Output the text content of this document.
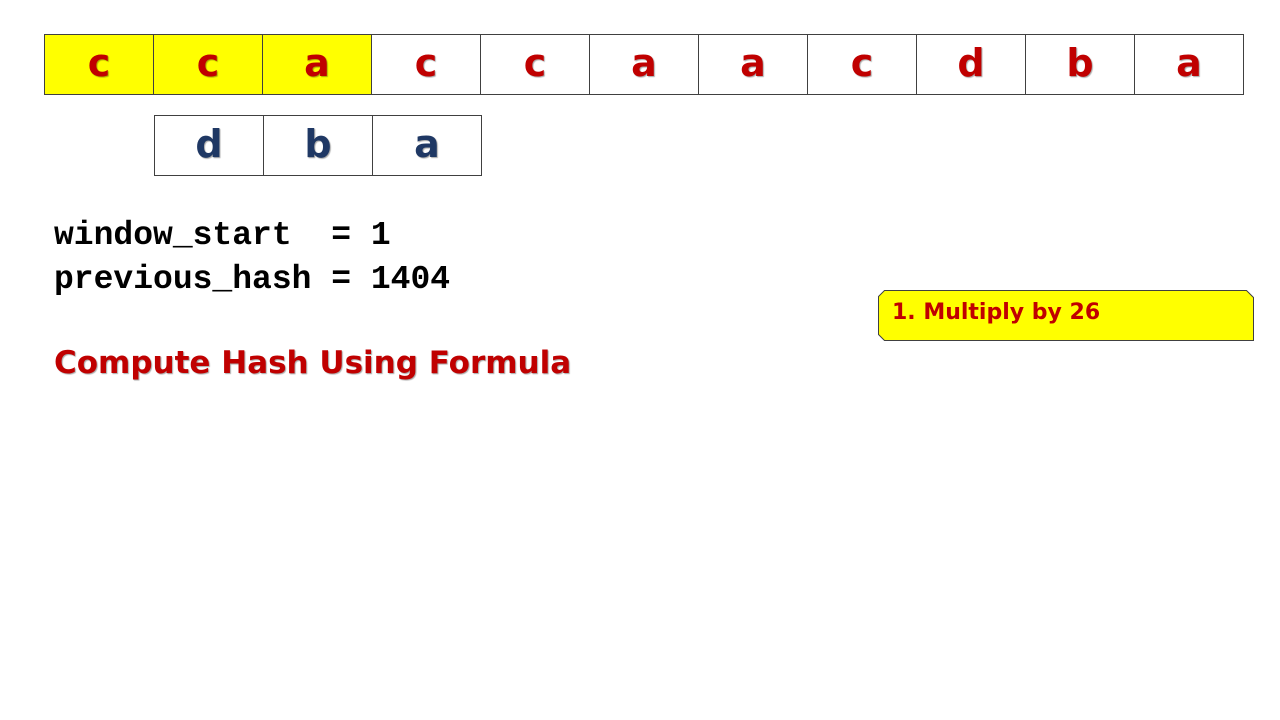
c	c	a	c	c	a	a	c	d	b	a
d	b	a
window_start  = 1
previous_hash = 1404
Compute Hash Using Formula
1. Multiply by 26
